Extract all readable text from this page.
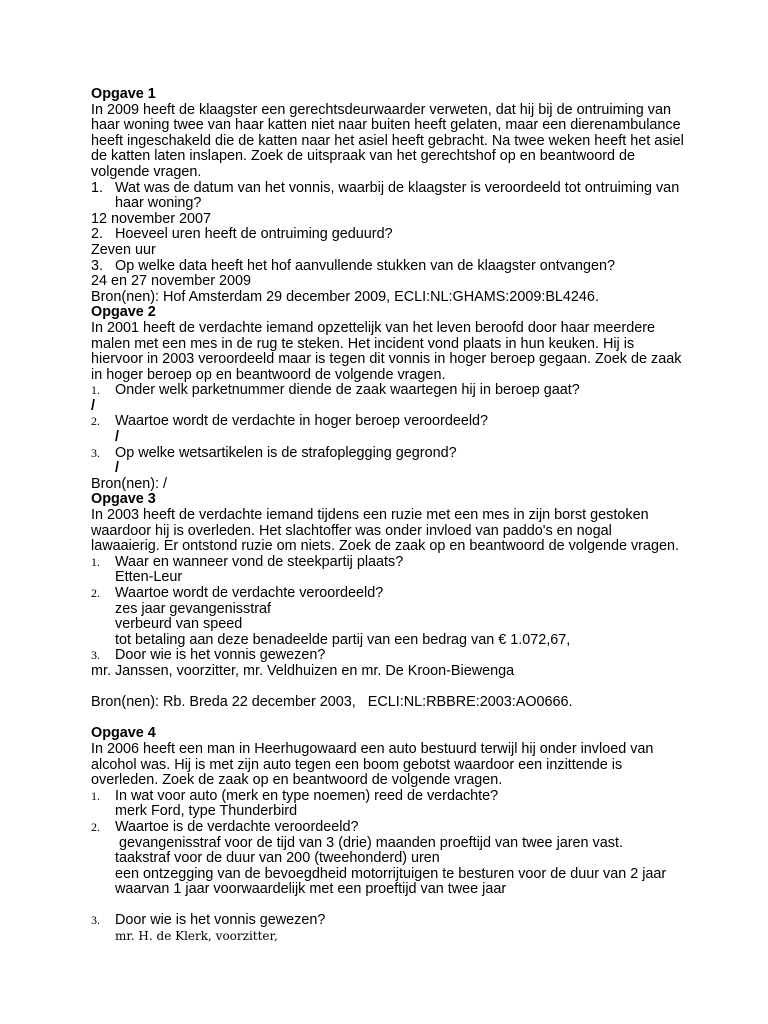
Opgave 1
In 2009 heeft de klaagster een gerechtsdeurwaarder verweten, dat hij bij de ontruiming van
haar woning twee van haar katten niet naar buiten heeft gelaten, maar een dierenambulance
heeft ingeschakeld die de katten naar het asiel heeft gebracht. Na twee weken heeft het asiel
de katten laten inslapen. Zoek de uitspraak van het gerechtshof op en beantwoord de
volgende vragen.
1. Wat was de datum van het vonnis, waarbij de klaagster is veroordeeld tot ontruiming van
haar woning?
12 november 2007
2. Hoeveel uren heeft de ontruiming geduurd?
Zeven uur
3. Op welke data heeft het hof aanvullende stukken van de klaagster ontvangen?
24 en 27 november 2009
Bron(nen): Hof Amsterdam 29 december 2009, ECLI:NL:GHAMS:2009:BL4246.
Opgave 2
In 2001 heeft de verdachte iemand opzettelijk van het leven beroofd door haar meerdere
malen met een mes in de rug te steken. Het incident vond plaats in hun keuken. Hij is
hiervoor in 2003 veroordeeld maar is tegen dit vonnis in hoger beroep gegaan. Zoek de zaak
in hoger beroep op en beantwoord de volgende vragen.
1. Onder welk parketnummer diende de zaak waartegen hij in beroep gaat?
/
2. Waartoe wordt de verdachte in hoger beroep veroordeeld?
/
3. Op welke wetsartikelen is de strafoplegging gegrond?
/
Bron(nen): /
Opgave 3
In 2003 heeft de verdachte iemand tijdens een ruzie met een mes in zijn borst gestoken
waardoor hij is overleden. Het slachtoffer was onder invloed van paddo's en nogal
lawaaierig. Er ontstond ruzie om niets. Zoek de zaak op en beantwoord de volgende vragen.
1. Waar en wanneer vond de steekpartij plaats?
Etten-Leur
2. Waartoe wordt de verdachte veroordeeld?
zes jaar gevangenisstraf
verbeurd van speed
tot betaling aan deze benadeelde partij van een bedrag van € 1.072,67,
3. Door wie is het vonnis gewezen?
mr. Janssen, voorzitter, mr. Veldhuizen en mr. De Kroon-Biewenga
Bron(nen): Rb. Breda 22 december 2003,   ECLI:NL:RBBRE:2003:AO0666.
Opgave 4
In 2006 heeft een man in Heerhugowaard een auto bestuurd terwijl hij onder invloed van
alcohol was. Hij is met zijn auto tegen een boom gebotst waardoor een inzittende is
overleden. Zoek de zaak op en beantwoord de volgende vragen.
1. In wat voor auto (merk en type noemen) reed de verdachte?
merk Ford, type Thunderbird
2. Waartoe is de verdachte veroordeeld?
gevangenisstraf voor de tijd van 3 (drie) maanden proeftijd van twee jaren vast.
taakstraf voor de duur van 200 (tweehonderd) uren
een ontzegging van de bevoegdheid motorrijtuigen te besturen voor de duur van 2 jaar
waarvan 1 jaar voorwaardelijk met een proeftijd van twee jaar
3. Door wie is het vonnis gewezen?
mr. H. de Klerk, voorzitter,
